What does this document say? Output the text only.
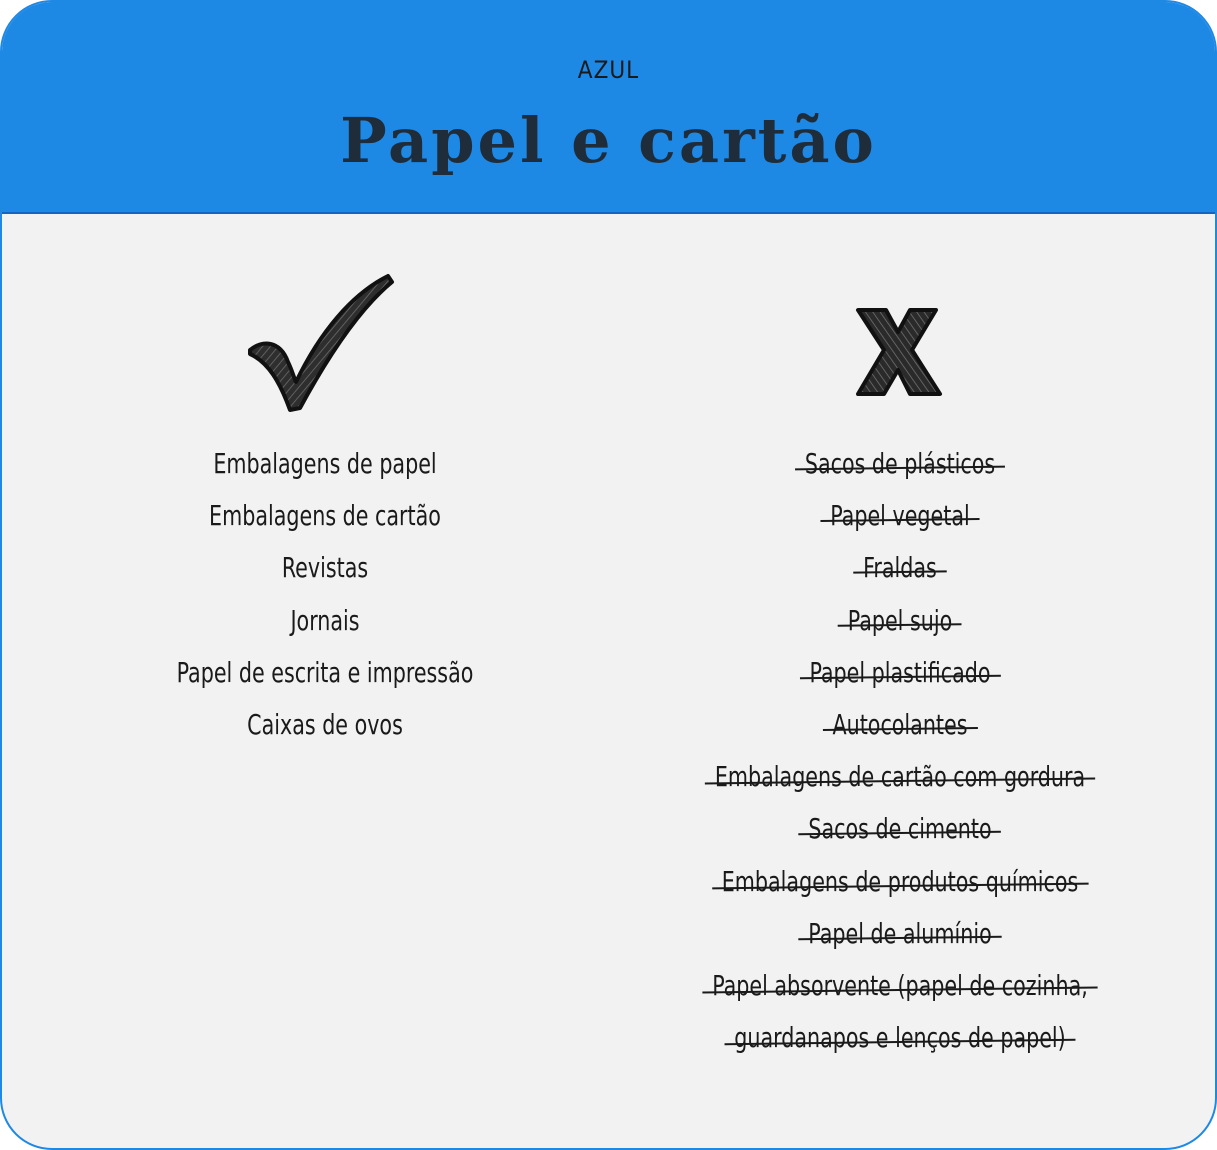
AZUL
Papel e cartão
Embalagens de papel
Embalagens de cartão
Revistas
Jornais
Papel de escrita e impressão
Caixas de ovos
Sacos de plásticos
Papel vegetal
Fraldas
Papel sujo
Papel plastificado
Autocolantes
Embalagens de cartão com gordura
Sacos de cimento
Embalagens de produtos químicos
Papel de alumínio
Papel absorvente (papel de cozinha,
guardanapos e lenços de papel)
